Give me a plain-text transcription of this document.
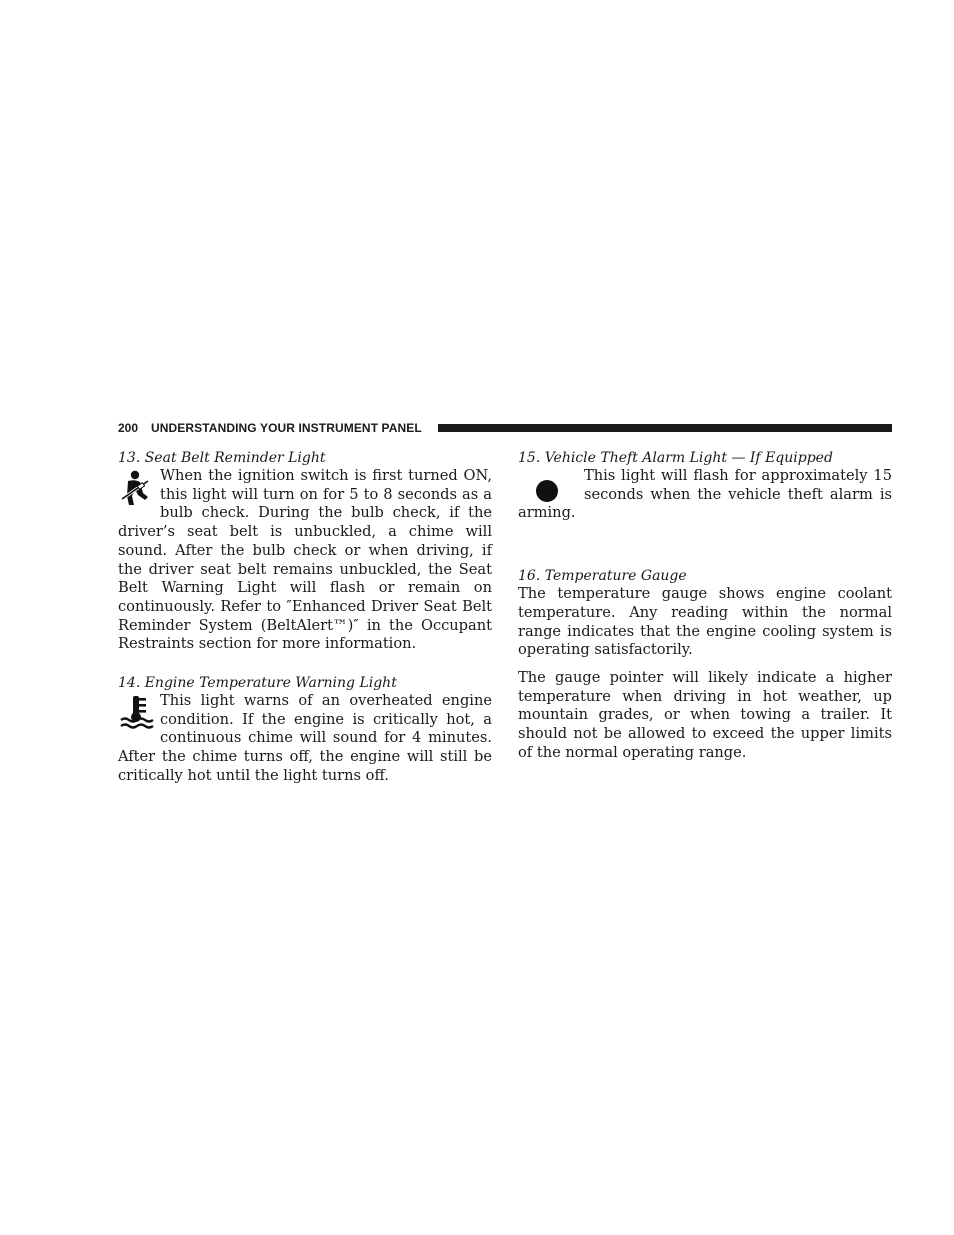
200 UNDERSTANDING YOUR INSTRUMENT PANEL

13. Seat Belt Reminder Light

When the ignition switch is first turned ON, this light will turn on for 5 to 8 seconds as a bulb check. During the bulb check, if the driver’s seat belt is unbuckled, a chime will sound. After the bulb check or when driving, if the driver seat belt remains unbuckled, the Seat Belt Warning Light will flash or remain on continuously. Refer to ″Enhanced Driver Seat Belt Reminder System (BeltAlert™)″ in the Occupant Restraints section for more information.

14. Engine Temperature Warning Light

This light warns of an overheated engine condition. If the engine is critically hot, a continuous chime will sound for 4 minutes. After the chime turns off, the engine will still be critically hot until the light turns off.

15. Vehicle Theft Alarm Light — If Equipped

This light will flash for approximately 15 seconds when the vehicle theft alarm is arming.

16. Temperature Gauge

The temperature gauge shows engine coolant temperature. Any reading within the normal range indicates that the engine cooling system is operating satisfactorily.

The gauge pointer will likely indicate a higher temperature when driving in hot weather, up mountain grades, or when towing a trailer. It should not be allowed to exceed the upper limits of the normal operating range.
